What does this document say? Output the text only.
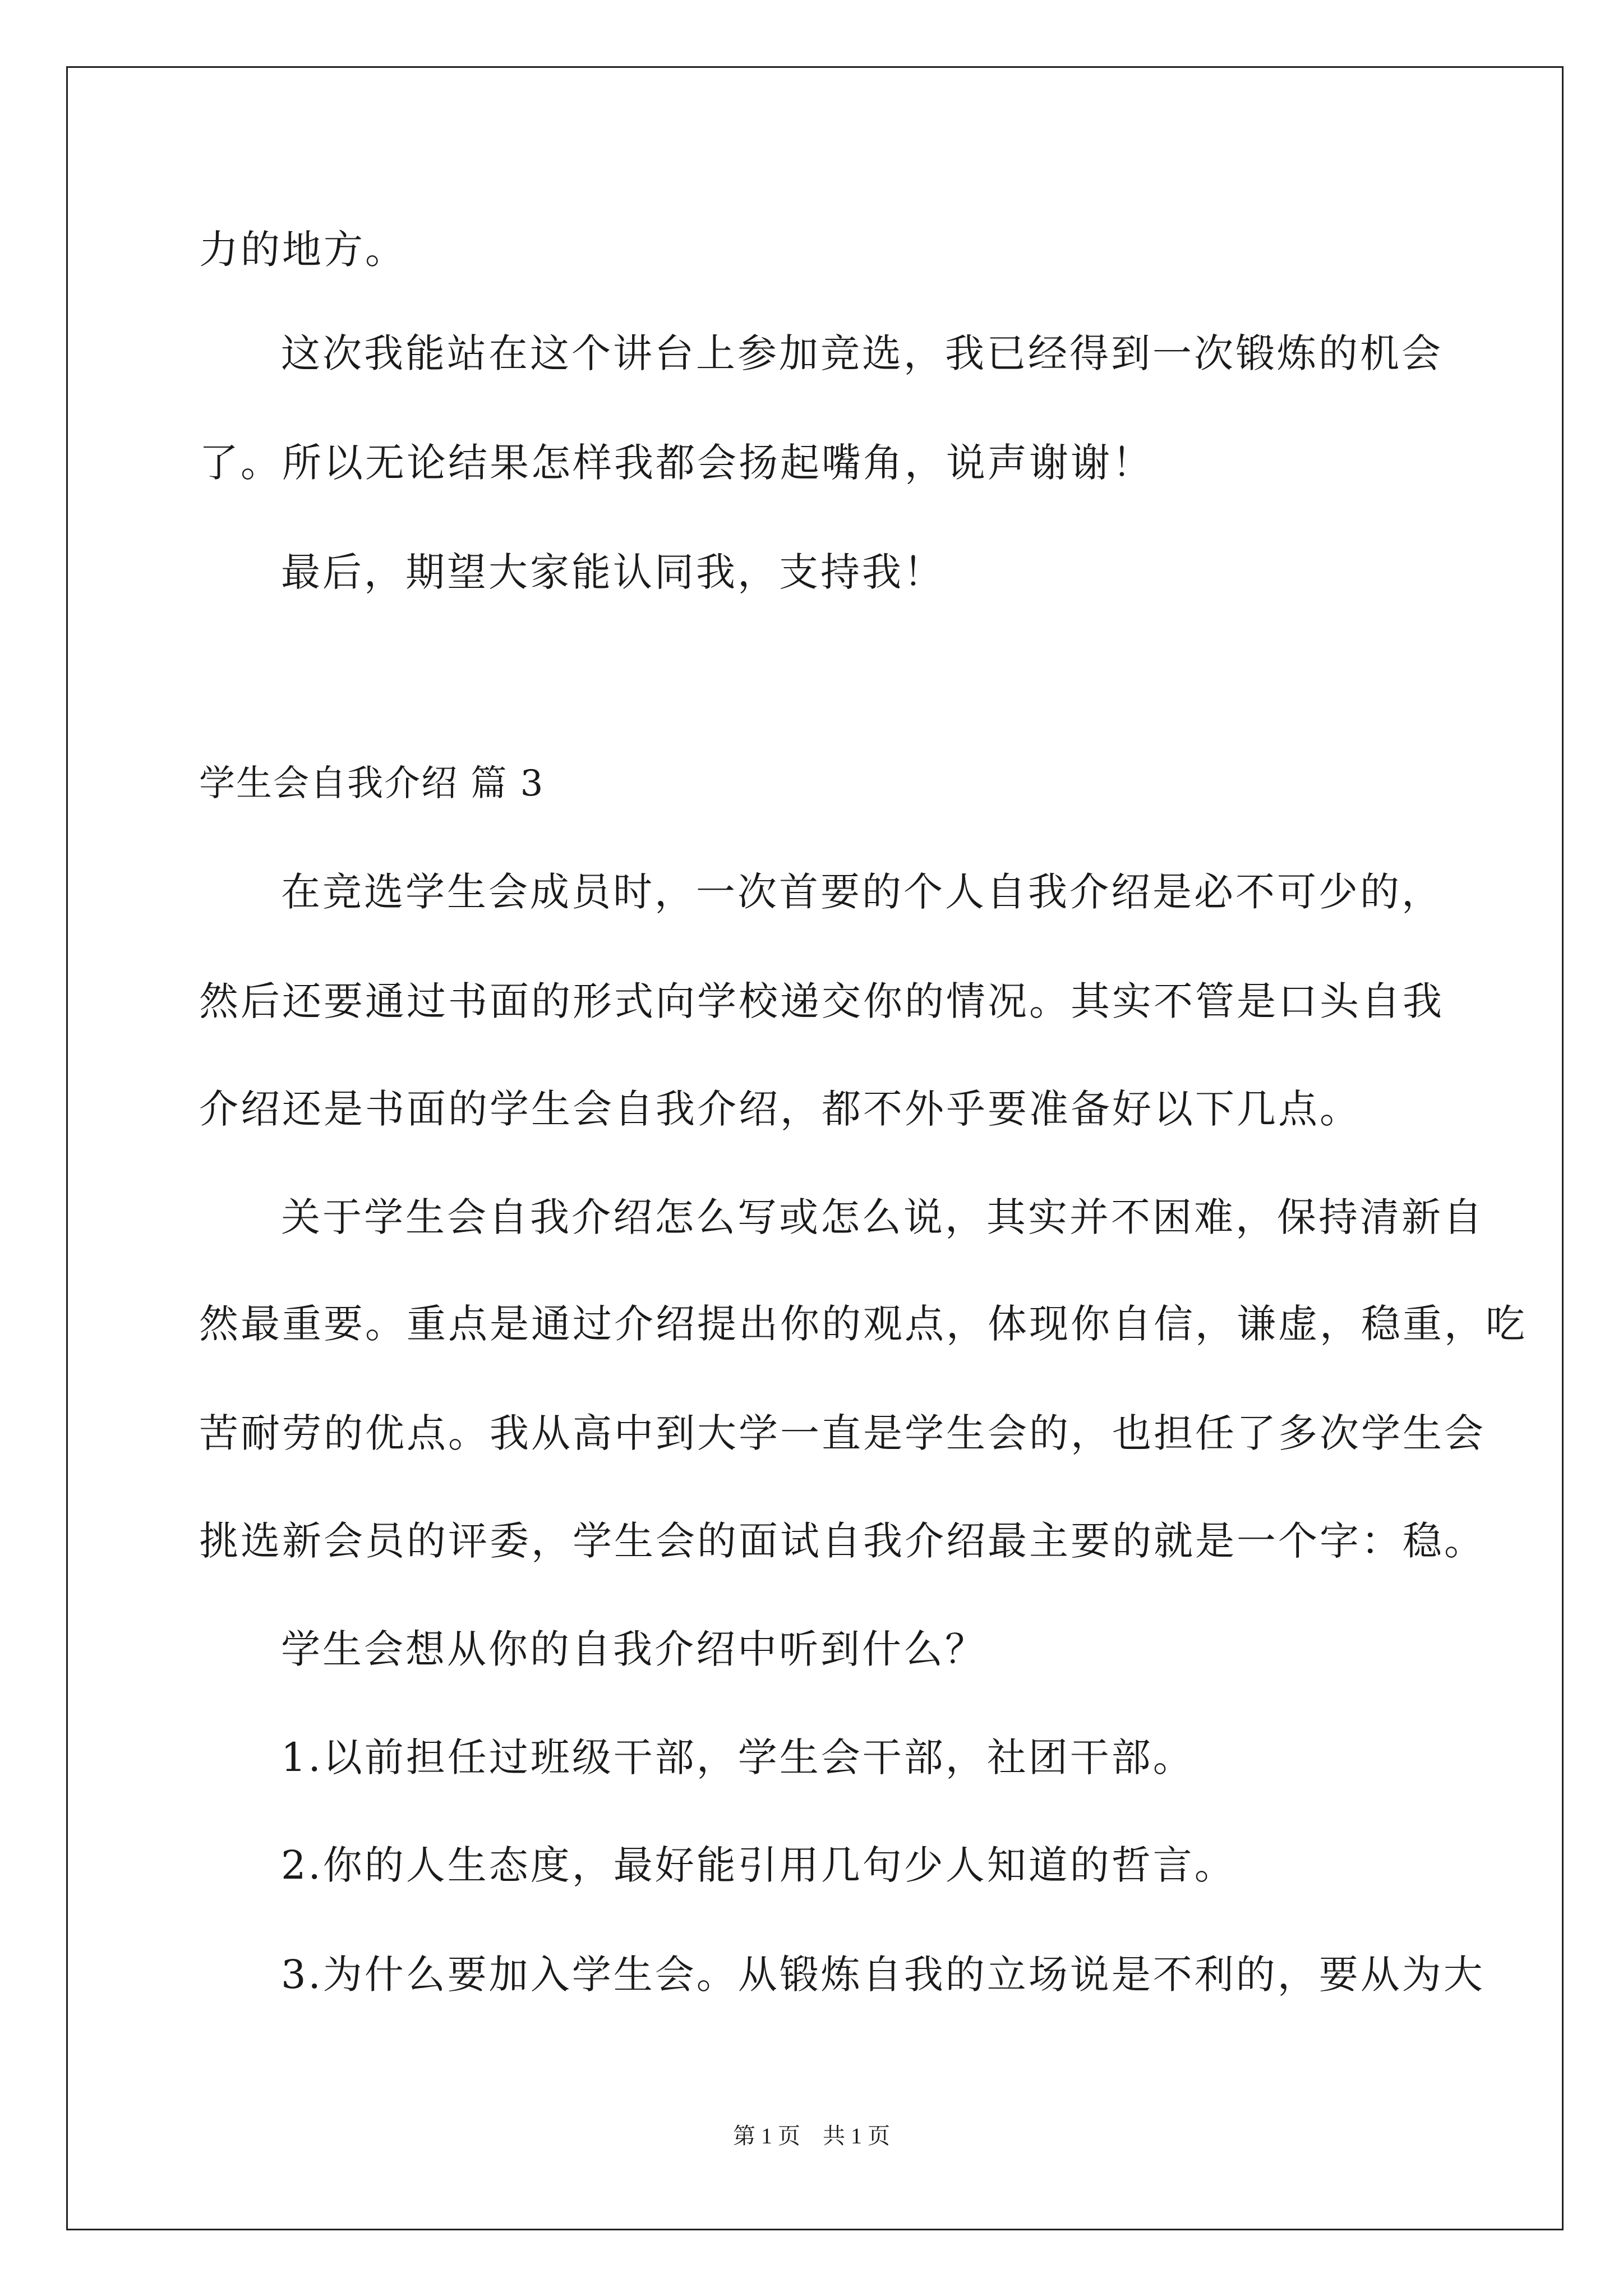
力的地方。
这次我能站在这个讲台上参加竞选，我已经得到一次锻炼的机会
了。所以无论结果怎样我都会扬起嘴角，说声谢谢！
最后，期望大家能认同我，支持我！
学生会自我介绍 篇 3
在竞选学生会成员时，一次首要的个人自我介绍是必不可少的，
然后还要通过书面的形式向学校递交你的情况。其实不管是口头自我
介绍还是书面的学生会自我介绍，都不外乎要准备好以下几点。
关于学生会自我介绍怎么写或怎么说，其实并不困难，保持清新自
然最重要。重点是通过介绍提出你的观点，体现你自信，谦虚，稳重，吃
苦耐劳的优点。我从高中到大学一直是学生会的，也担任了多次学生会
挑选新会员的评委，学生会的面试自我介绍最主要的就是一个字：稳。
学生会想从你的自我介绍中听到什么？
1.以前担任过班级干部，学生会干部，社团干部。
2.你的人生态度，最好能引用几句少人知道的哲言。
3.为什么要加入学生会。从锻炼自我的立场说是不利的，要从为大
第 1 页　共 1 页
